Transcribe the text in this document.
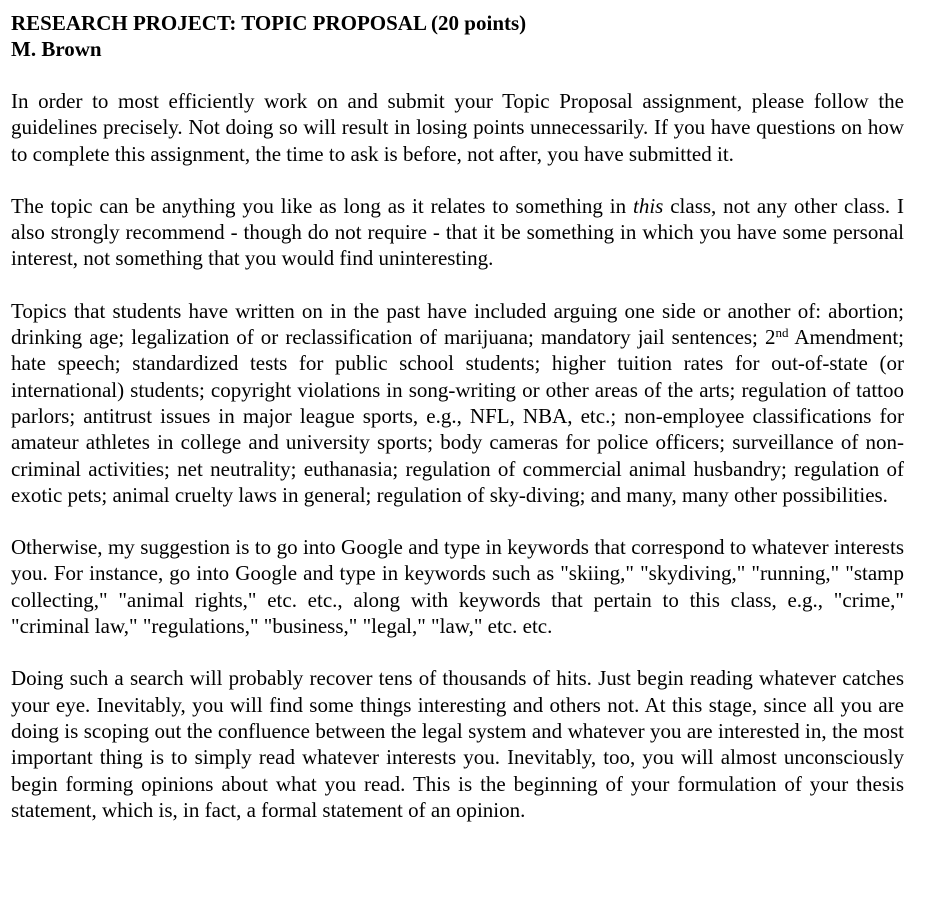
RESEARCH PROJECT: TOPIC PROPOSAL (20 points)

M. Brown

In order to most efficiently work on and submit your Topic Proposal assignment, please follow the guidelines precisely. Not doing so will result in losing points unnecessarily. If you have questions on how to complete this assignment, the time to ask is before, not after, you have submitted it.

The topic can be anything you like as long as it relates to something in this class, not any other class. I also strongly recommend - though do not require - that it be something in which you have some personal interest, not something that you would find uninteresting.

Topics that students have written on in the past have included arguing one side or another of: abortion; drinking age; legalization of or reclassification of marijuana; mandatory jail sentences; 2nd Amendment; hate speech; standardized tests for public school students; higher tuition rates for out-of-state (or international) students; copyright violations in song-writing or other areas of the arts; regulation of tattoo parlors; antitrust issues in major league sports, e.g., NFL, NBA, etc.; non-employee classifications for amateur athletes in college and university sports; body cameras for police officers; surveillance of non-criminal activities; net neutrality; euthanasia; regulation of commercial animal husbandry; regulation of exotic pets; animal cruelty laws in general; regulation of sky-diving; and many, many other possibilities.

Otherwise, my suggestion is to go into Google and type in keywords that correspond to whatever interests you. For instance, go into Google and type in keywords such as "skiing," "skydiving," "running," "stamp collecting," "animal rights," etc. etc., along with keywords that pertain to this class, e.g., "crime," "criminal law," "regulations," "business," "legal," "law," etc. etc.

Doing such a search will probably recover tens of thousands of hits. Just begin reading whatever catches your eye. Inevitably, you will find some things interesting and others not. At this stage, since all you are doing is scoping out the confluence between the legal system and whatever you are interested in, the most important thing is to simply read whatever interests you. Inevitably, too, you will almost unconsciously begin forming opinions about what you read. This is the beginning of your formulation of your thesis statement, which is, in fact, a formal statement of an opinion.
